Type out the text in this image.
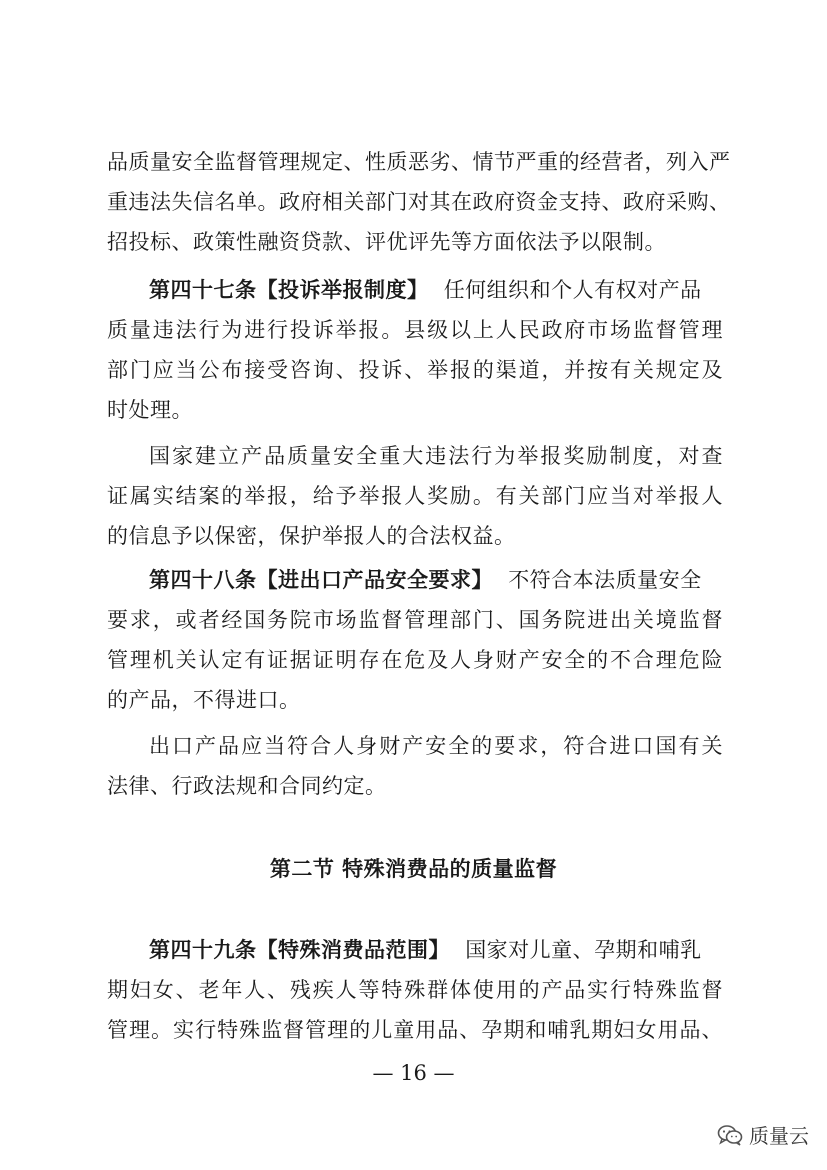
品质量安全监督管理规定、性质恶劣、情节严重的经营者，列入严
重违法失信名单。政府相关部门对其在政府资金支持、政府采购、
招投标、政策性融资贷款、评优评先等方面依法予以限制。
第四十七条【投诉举报制度】 任何组织和个人有权对产品
质量违法行为进行投诉举报。县级以上人民政府市场监督管理
部门应当公布接受咨询、投诉、举报的渠道，并按有关规定及
时处理。
国家建立产品质量安全重大违法行为举报奖励制度，对查
证属实结案的举报，给予举报人奖励。有关部门应当对举报人
的信息予以保密，保护举报人的合法权益。
第四十八条【进出口产品安全要求】 不符合本法质量安全
要求，或者经国务院市场监督管理部门、国务院进出关境监督
管理机关认定有证据证明存在危及人身财产安全的不合理危险
的产品，不得进口。
出口产品应当符合人身财产安全的要求，符合进口国有关
法律、行政法规和合同约定。
第二节 特殊消费品的质量监督
第四十九条【特殊消费品范围】 国家对儿童、孕期和哺乳
期妇女、老年人、残疾人等特殊群体使用的产品实行特殊监督
管理。实行特殊监督管理的儿童用品、孕期和哺乳期妇女用品、
— 16 —
质量云
